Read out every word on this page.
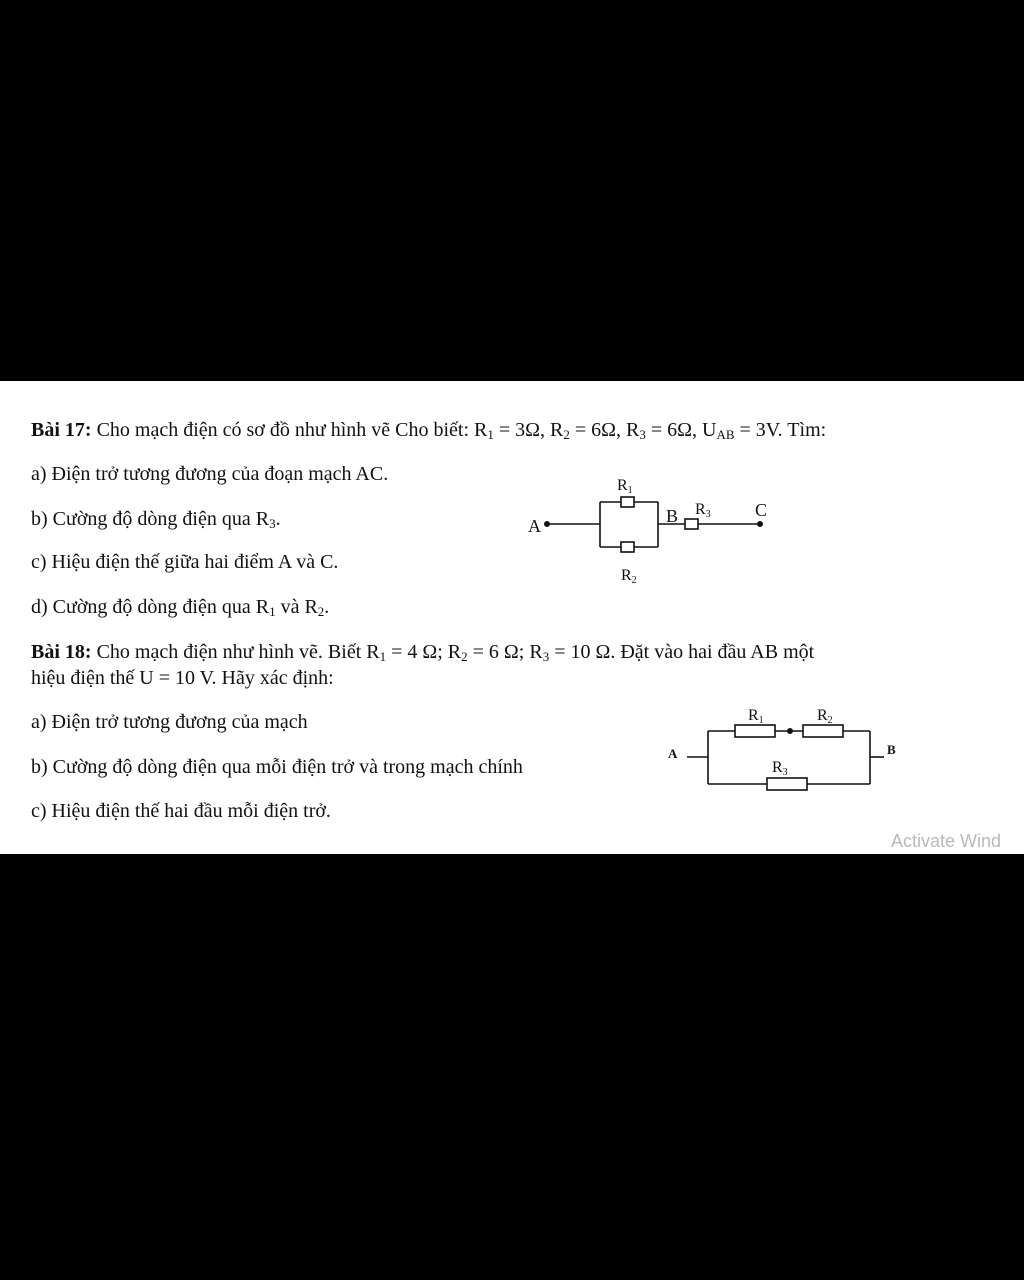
Bài 17: Cho mạch điện có sơ đồ như hình vẽ Cho biết: $R_1 = 3\Omega$, $R_2 = 6\Omega$, $R_3 = 6\Omega$, $U_{AB} = 3V$. Tìm:
a) Điện trở tương đương của đoạn mạch AC.
b) Cường độ dòng điện qua $R_3$.
c) Hiệu điện thế giữa hai điểm A và C.
d) Cường độ dòng điện qua $R_1$ và $R_2$.
A	B	C
R1
R2
R3
Bài 18: Cho mạch điện như hình vẽ. Biết $R_1 = 4$ Ω; $R_2 = 6$ Ω; $R_3 = 10$ Ω. Đặt vào hai đầu AB một
hiệu điện thế U = 10 V. Hãy xác định:
a) Điện trở tương đương của mạch
b) Cường độ dòng điện qua mỗi điện trở và trong mạch chính
c) Hiệu điện thế hai đầu mỗi điện trở.
A	B
R1	R2
R3
Activate Wind
